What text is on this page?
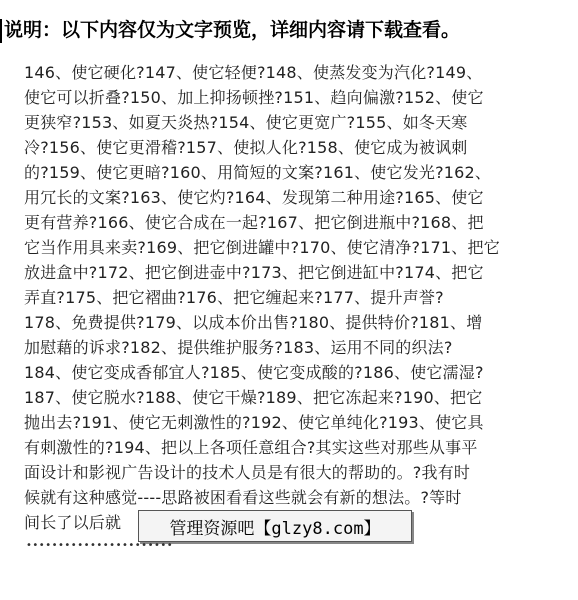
说明：以下内容仅为文字预览，详细内容请下载查看。
146、使它硬化?147、使它轻便?148、使蒸发变为汽化?149、
使它可以折叠?150、加上抑扬顿挫?151、趋向偏激?152、使它
更狭窄?153、如夏天炎热?154、使它更宽广?155、如冬天寒
冷?156、使它更滑稽?157、使拟人化?158、使它成为被讽刺
的?159、使它更暗?160、用简短的文案?161、使它发光?162、
用冗长的文案?163、使它灼?164、发现第二种用途?165、使它
更有营养?166、使它合成在一起?167、把它倒进瓶中?168、把
它当作用具来卖?169、把它倒进罐中?170、使它清净?171、把它
放进盒中?172、把它倒进壶中?173、把它倒进缸中?174、把它
弄直?175、把它褶曲?176、把它缠起来?177、提升声誉?
178、免费提供?179、以成本价出售?180、提供特价?181、增
加慰藉的诉求?182、提供维护服务?183、运用不同的织法?
184、使它变成香郁宜人?185、使它变成酸的?186、使它濡湿?
187、使它脱水?188、使它干燥?189、把它冻起来?190、把它
抛出去?191、使它无刺激性的?192、使它单纯化?193、使它具
有刺激性的?194、把以上各项任意组合?其实这些对那些从事平
面设计和影视广告设计的技术人员是有很大的帮助的。?我有时
候就有这种感觉----思路被困看看这些就会有新的想法。?等时
间长了以后就	管理资源吧【glzy8.com】
•••••••••••••••••••••••
